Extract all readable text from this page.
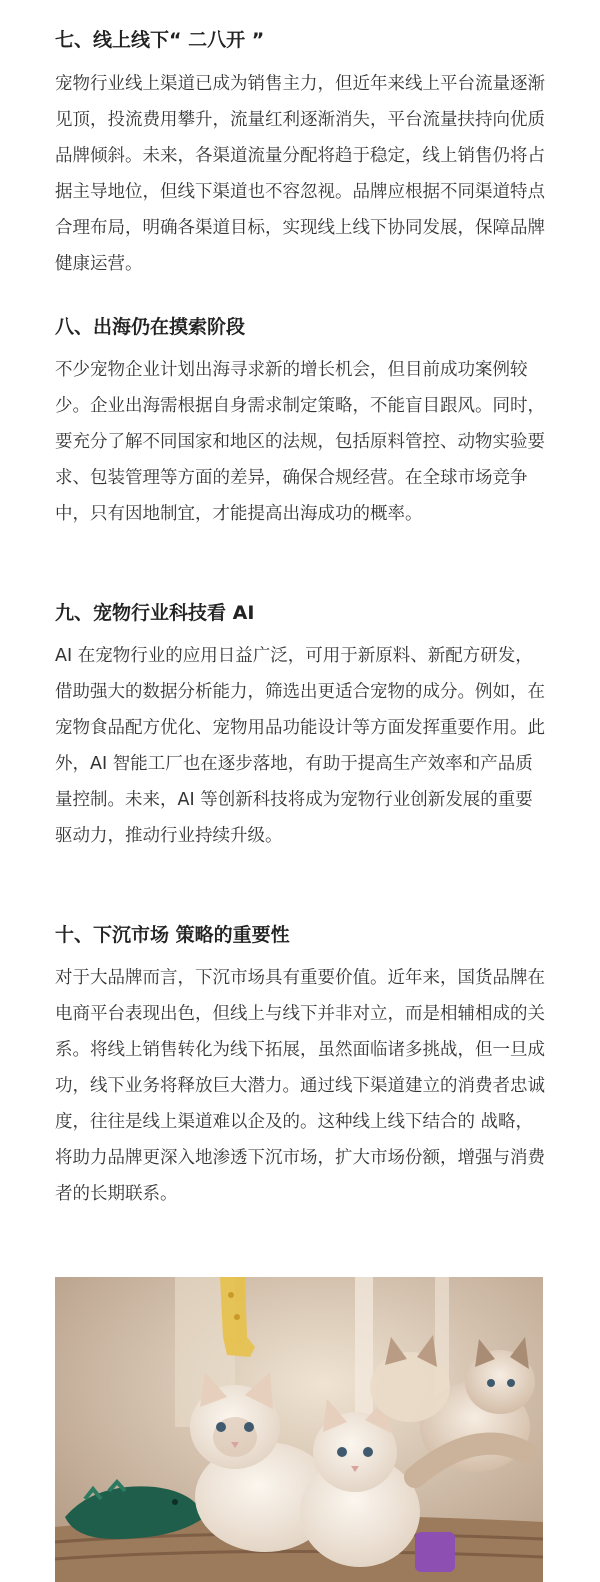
七、线上线下“ 二八开 ”

宠物行业线上渠道已成为销售主力，但近年来线上平台流量逐渐见顶，投流费用攀升，流量红利逐渐消失，平台流量扶持向优质品牌倾斜。未来，各渠道流量分配将趋于稳定，线上销售仍将占据主导地位，但线下渠道也不容忽视。品牌应根据不同渠道特点合理布局，明确各渠道目标，实现线上线下协同发展，保障品牌健康运营。

八、出海仍在摸索阶段

不少宠物企业计划出海寻求新的增长机会，但目前成功案例较少。企业出海需根据自身需求制定策略，不能盲目跟风。同时，要充分了解不同国家和地区的法规，包括原料管控、动物实验要求、包装管理等方面的差异，确保合规经营。在全球市场竞争中，只有因地制宜，才能提高出海成功的概率。

九、宠物行业科技看 AI

AI 在宠物行业的应用日益广泛，可用于新原料、新配方研发，借助强大的数据分析能力，筛选出更适合宠物的成分。例如，在宠物食品配方优化、宠物用品功能设计等方面发挥重要作用。此外，AI 智能工厂也在逐步落地，有助于提高生产效率和产品质量控制。未来，AI 等创新科技将成为宠物行业创新发展的重要驱动力，推动行业持续升级。

十、下沉市场 策略的重要性

对于大品牌而言，下沉市场具有重要价值。近年来，国货品牌在电商平台表现出色，但线上与线下并非对立，而是相辅相成的关系。将线上销售转化为线下拓展，虽然面临诸多挑战，但一旦成功，线下业务将释放巨大潜力。通过线下渠道建立的消费者忠诚度，往往是线上渠道难以企及的。这种线上线下结合的 战略，将助力品牌更深入地渗透下沉市场，扩大市场份额，增强与消费者的长期联系。
